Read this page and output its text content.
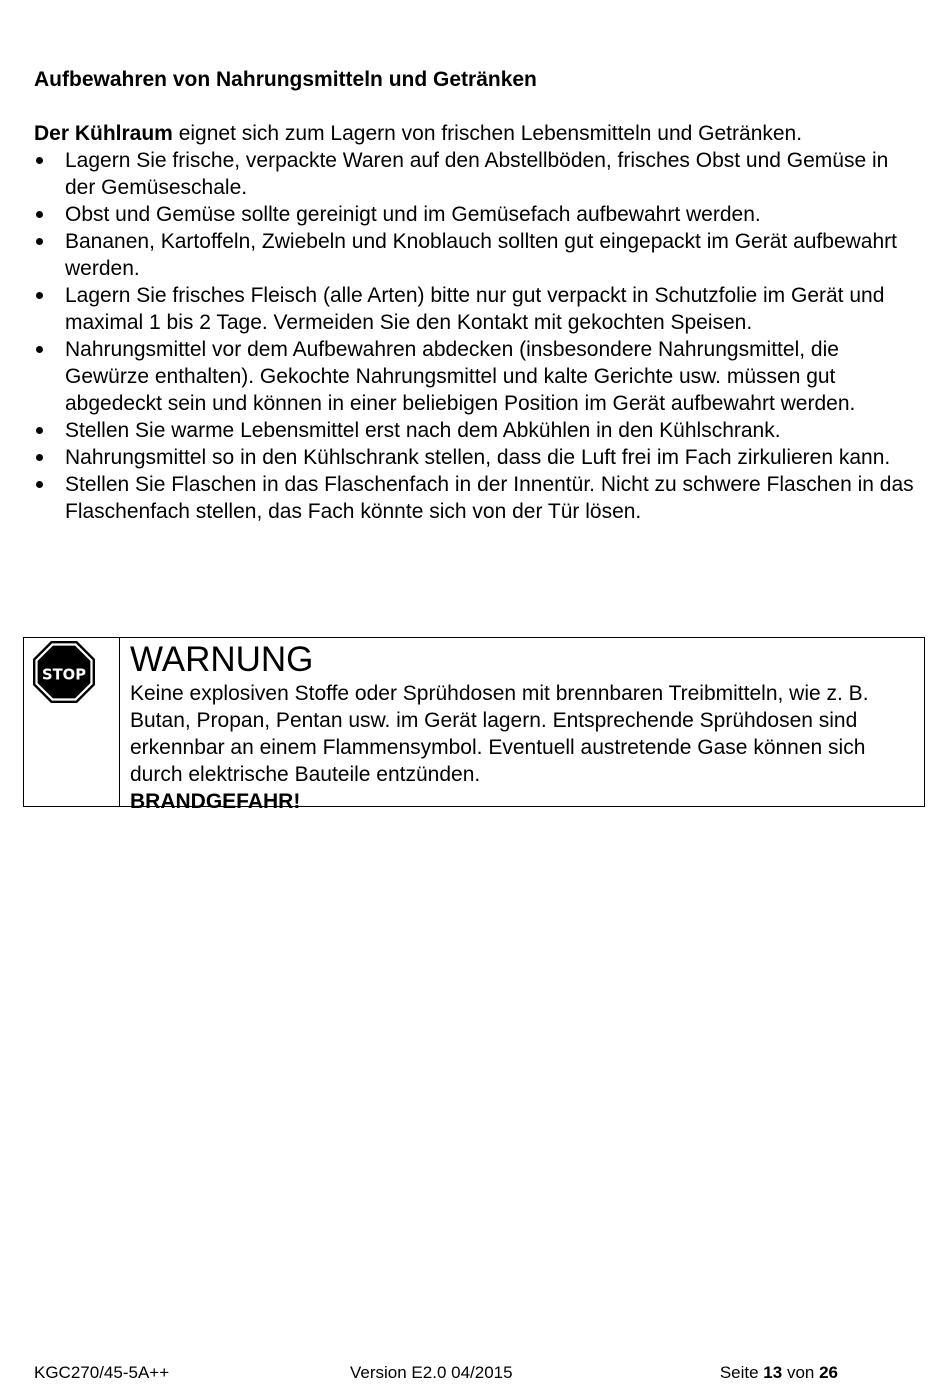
Aufbewahren von Nahrungsmitteln und Getränken

Der Kühlraum eignet sich zum Lagern von frischen Lebensmitteln und Getränken.

Lagern Sie frische, verpackte Waren auf den Abstellböden, frisches Obst und Gemüse in der Gemüseschale.
Obst und Gemüse sollte gereinigt und im Gemüsefach aufbewahrt werden.
Bananen, Kartoffeln, Zwiebeln und Knoblauch sollten gut eingepackt im Gerät aufbewahrt werden.
Lagern Sie frisches Fleisch (alle Arten) bitte nur gut verpackt in Schutzfolie im Gerät und maximal 1 bis 2 Tage. Vermeiden Sie den Kontakt mit gekochten Speisen.
Nahrungsmittel vor dem Aufbewahren abdecken (insbesondere Nahrungsmittel, die Gewürze enthalten). Gekochte Nahrungsmittel und kalte Gerichte usw. müssen gut abgedeckt sein und können in einer beliebigen Position im Gerät aufbewahrt werden.
Stellen Sie warme Lebensmittel erst nach dem Abkühlen in den Kühlschrank.
Nahrungsmittel so in den Kühlschrank stellen, dass die Luft frei im Fach zirkulieren kann.
Stellen Sie Flaschen in das Flaschenfach in der Innentür. Nicht zu schwere Flaschen in das Flaschenfach stellen, das Fach könnte sich von der Tür lösen.
STOP WARNUNG

Keine explosiven Stoffe oder Sprühdosen mit brennbaren Treibmitteln, wie z. B. Butan, Propan, Pentan usw. im Gerät lagern. Entsprechende Sprühdosen sind erkennbar an einem Flammensymbol. Eventuell austretende Gase können sich durch elektrische Bauteile entzünden.

BRANDGEFAHR!

KGC270/45-5A++	Version E2.0 04/2015	Seite 13 von 26
